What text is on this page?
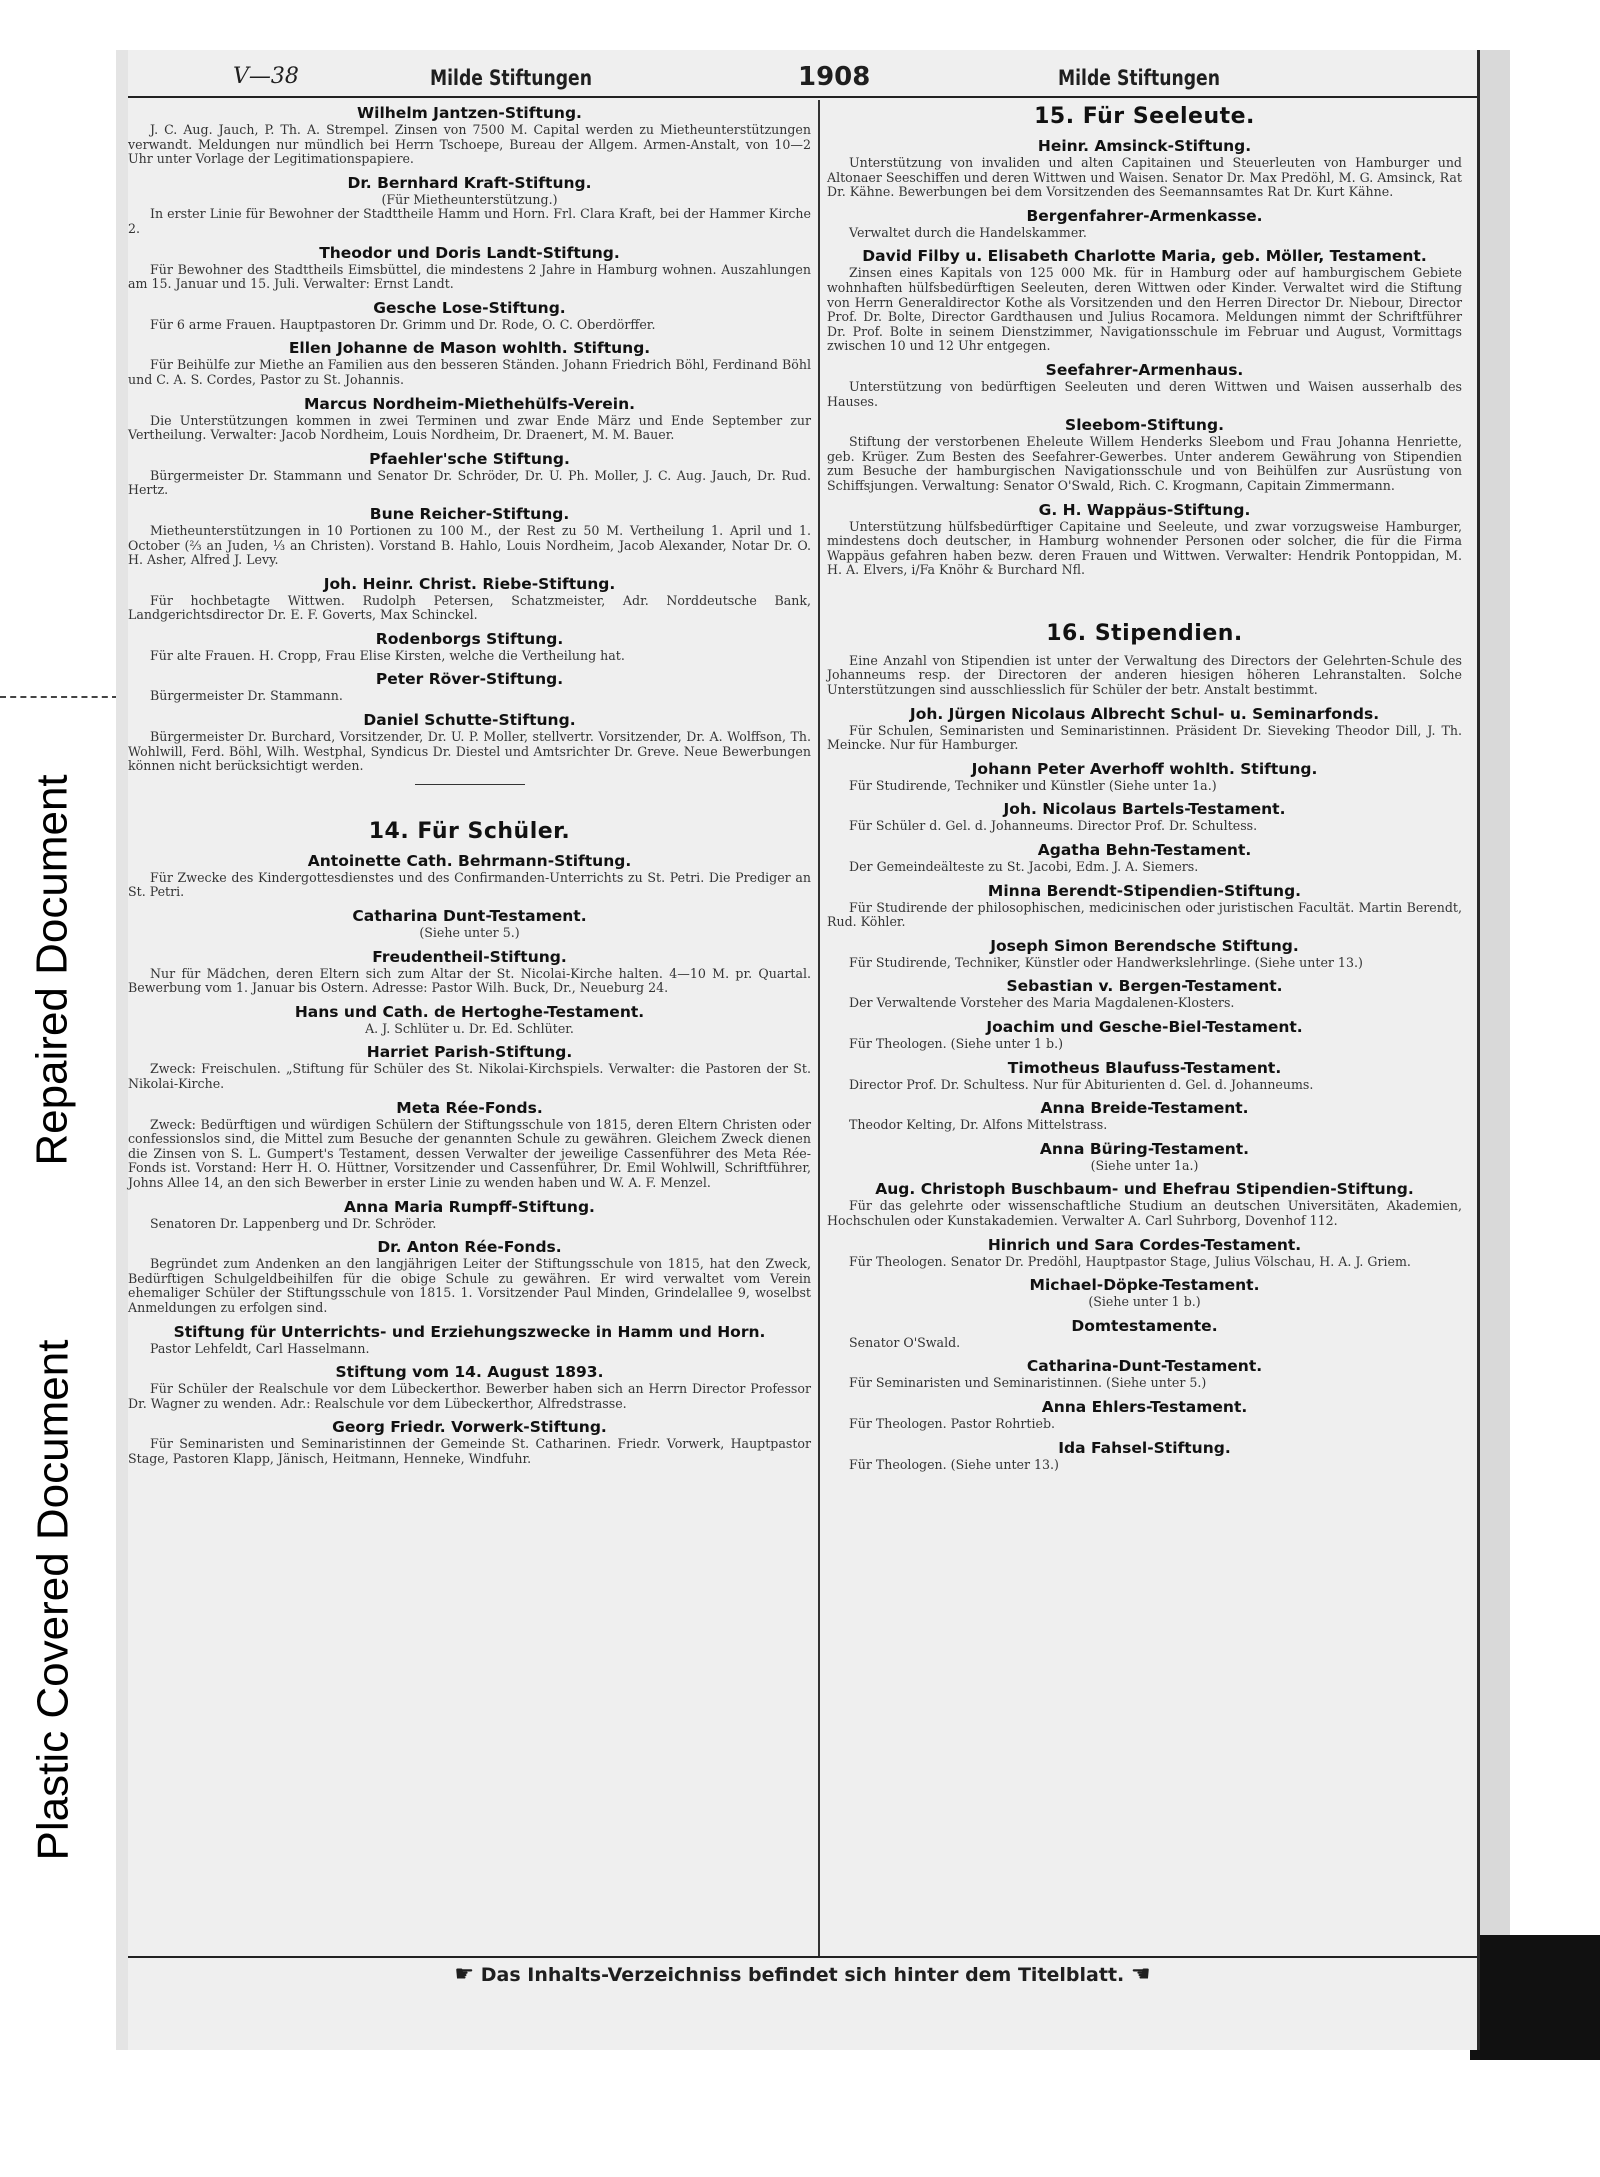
Repaired Document
Plastic Covered Document
V—38	Milde Stiftungen	1908	Milde Stiftungen
Wilhelm Jantzen-Stiftung.

J. C. Aug. Jauch, P. Th. A. Strempel. Zinsen von 7500 M. Capital werden zu Mietheunterstützungen verwandt. Meldungen nur mündlich bei Herrn Tschoepe, Bureau der Allgem. Armen-Anstalt, von 10—2 Uhr unter Vorlage der Legitimationspapiere.

Dr. Bernhard Kraft-Stiftung.

(Für Mietheunterstützung.)

In erster Linie für Bewohner der Stadttheile Hamm und Horn. Frl. Clara Kraft, bei der Hammer Kirche 2.

Theodor und Doris Landt-Stiftung.

Für Bewohner des Stadttheils Eimsbüttel, die mindestens 2 Jahre in Hamburg wohnen. Auszahlungen am 15. Januar und 15. Juli. Verwalter: Ernst Landt.

Gesche Lose-Stiftung.

Für 6 arme Frauen. Hauptpastoren Dr. Grimm und Dr. Rode, O. C. Oberdörffer.

Ellen Johanne de Mason wohlth. Stiftung.

Für Beihülfe zur Miethe an Familien aus den besseren Ständen. Johann Friedrich Böhl, Ferdinand Böhl und C. A. S. Cordes, Pastor zu St. Johannis.

Marcus Nordheim-Miethehülfs-Verein.

Die Unterstützungen kommen in zwei Terminen und zwar Ende März und Ende September zur Vertheilung. Verwalter: Jacob Nordheim, Louis Nordheim, Dr. Draenert, M. M. Bauer.

Pfaehler'sche Stiftung.

Bürgermeister Dr. Stammann und Senator Dr. Schröder, Dr. U. Ph. Moller, J. C. Aug. Jauch, Dr. Rud. Hertz.

Bune Reicher-Stiftung.

Mietheunterstützungen in 10 Portionen zu 100 M., der Rest zu 50 M. Vertheilung 1. April und 1. October (⅔ an Juden, ⅓ an Christen). Vorstand B. Hahlo, Louis Nordheim, Jacob Alexander, Notar Dr. O. H. Asher, Alfred J. Levy.

Joh. Heinr. Christ. Riebe-Stiftung.

Für hochbetagte Wittwen. Rudolph Petersen, Schatzmeister, Adr. Norddeutsche Bank, Landgerichtsdirector Dr. E. F. Goverts, Max Schinckel.

Rodenborgs Stiftung.

Für alte Frauen. H. Cropp, Frau Elise Kirsten, welche die Vertheilung hat.

Peter Röver-Stiftung.

Bürgermeister Dr. Stammann.

Daniel Schutte-Stiftung.

Bürgermeister Dr. Burchard, Vorsitzender, Dr. U. P. Moller, stellvertr. Vorsitzender, Dr. A. Wolffson, Th. Wohlwill, Ferd. Böhl, Wilh. Westphal, Syndicus Dr. Diestel und Amtsrichter Dr. Greve. Neue Bewerbungen können nicht berücksichtigt werden.

14. Für Schüler.
Antoinette Cath. Behrmann-Stiftung.

Für Zwecke des Kindergottesdienstes und des Confirmanden-Unterrichts zu St. Petri. Die Prediger an St. Petri.

Catharina Dunt-Testament.

(Siehe unter 5.)

Freudentheil-Stiftung.

Nur für Mädchen, deren Eltern sich zum Altar der St. Nicolai-Kirche halten. 4—10 M. pr. Quartal. Bewerbung vom 1. Januar bis Ostern. Adresse: Pastor Wilh. Buck, Dr., Neueburg 24.

Hans und Cath. de Hertoghe-Testament.

A. J. Schlüter u. Dr. Ed. Schlüter.

Harriet Parish-Stiftung.

Zweck: Freischulen. „Stiftung für Schüler des St. Nikolai-Kirchspiels. Verwalter: die Pastoren der St. Nikolai-Kirche.

Meta Rée-Fonds.

Zweck: Bedürftigen und würdigen Schülern der Stiftungsschule von 1815, deren Eltern Christen oder confessionslos sind, die Mittel zum Besuche der genannten Schule zu gewähren. Gleichem Zweck dienen die Zinsen von S. L. Gumpert's Testament, dessen Verwalter der jeweilige Cassenführer des Meta Rée-Fonds ist. Vorstand: Herr H. O. Hüttner, Vorsitzender und Cassenführer, Dr. Emil Wohlwill, Schriftführer, Johns Allee 14, an den sich Bewerber in erster Linie zu wenden haben und W. A. F. Menzel.

Anna Maria Rumpff-Stiftung.

Senatoren Dr. Lappenberg und Dr. Schröder.

Dr. Anton Rée-Fonds.

Begründet zum Andenken an den langjährigen Leiter der Stiftungsschule von 1815, hat den Zweck, Bedürftigen Schulgeldbeihilfen für die obige Schule zu gewähren. Er wird verwaltet vom Verein ehemaliger Schüler der Stiftungsschule von 1815. 1. Vorsitzender Paul Minden, Grindelallee 9, woselbst Anmeldungen zu erfolgen sind.

Stiftung für Unterrichts- und Erziehungszwecke in Hamm und Horn.

Pastor Lehfeldt, Carl Hasselmann.

Stiftung vom 14. August 1893.

Für Schüler der Realschule vor dem Lübeckerthor. Bewerber haben sich an Herrn Director Professor Dr. Wagner zu wenden. Adr.: Realschule vor dem Lübeckerthor, Alfredstrasse.

Georg Friedr. Vorwerk-Stiftung.

Für Seminaristen und Seminaristinnen der Gemeinde St. Catharinen. Friedr. Vorwerk, Hauptpastor Stage, Pastoren Klapp, Jänisch, Heitmann, Henneke, Windfuhr.

15. Für Seeleute.
Heinr. Amsinck-Stiftung.

Unterstützung von invaliden und alten Capitainen und Steuerleuten von Hamburger und Altonaer Seeschiffen und deren Wittwen und Waisen. Senator Dr. Max Predöhl, M. G. Amsinck, Rat Dr. Kähne. Bewerbungen bei dem Vorsitzenden des Seemannsamtes Rat Dr. Kurt Kähne.

Bergenfahrer-Armenkasse.

Verwaltet durch die Handelskammer.

David Filby u. Elisabeth Charlotte Maria, geb. Möller, Testament.

Zinsen eines Kapitals von 125 000 Mk. für in Hamburg oder auf hamburgischem Gebiete wohnhaften hülfsbedürftigen Seeleuten, deren Wittwen oder Kinder. Verwaltet wird die Stiftung von Herrn Generaldirector Kothe als Vorsitzenden und den Herren Director Dr. Niebour, Director Prof. Dr. Bolte, Director Gardthausen und Julius Rocamora. Meldungen nimmt der Schriftführer Dr. Prof. Bolte in seinem Dienstzimmer, Navigationsschule im Februar und August, Vormittags zwischen 10 und 12 Uhr entgegen.

Seefahrer-Armenhaus.

Unterstützung von bedürftigen Seeleuten und deren Wittwen und Waisen ausserhalb des Hauses.

Sleebom-Stiftung.

Stiftung der verstorbenen Eheleute Willem Henderks Sleebom und Frau Johanna Henriette, geb. Krüger. Zum Besten des Seefahrer-Gewerbes. Unter anderem Gewährung von Stipendien zum Besuche der hamburgischen Navigationsschule und von Beihülfen zur Ausrüstung von Schiffsjungen. Verwaltung: Senator O'Swald, Rich. C. Krogmann, Capitain Zimmermann.

G. H. Wappäus-Stiftung.

Unterstützung hülfsbedürftiger Capitaine und Seeleute, und zwar vorzugsweise Hamburger, mindestens doch deutscher, in Hamburg wohnender Personen oder solcher, die für die Firma Wappäus gefahren haben bezw. deren Frauen und Wittwen. Verwalter: Hendrik Pontoppidan, M. H. A. Elvers, i/Fa Knöhr & Burchard Nfl.

16. Stipendien.

Eine Anzahl von Stipendien ist unter der Verwaltung des Directors der Gelehrten-Schule des Johanneums resp. der Directoren der anderen hiesigen höheren Lehranstalten. Solche Unterstützungen sind ausschliesslich für Schüler der betr. Anstalt bestimmt.

Joh. Jürgen Nicolaus Albrecht Schul- u. Seminarfonds.

Für Schulen, Seminaristen und Seminaristinnen. Präsident Dr. Sieveking Theodor Dill, J. Th. Meincke. Nur für Hamburger.

Johann Peter Averhoff wohlth. Stiftung.

Für Studirende, Techniker und Künstler (Siehe unter 1a.)

Joh. Nicolaus Bartels-Testament.

Für Schüler d. Gel. d. Johanneums. Director Prof. Dr. Schultess.

Agatha Behn-Testament.

Der Gemeindeälteste zu St. Jacobi, Edm. J. A. Siemers.

Minna Berendt-Stipendien-Stiftung.

Für Studirende der philosophischen, medicinischen oder juristischen Facultät. Martin Berendt, Rud. Köhler.

Joseph Simon Berendsche Stiftung.

Für Studirende, Techniker, Künstler oder Handwerkslehrlinge. (Siehe unter 13.)

Sebastian v. Bergen-Testament.

Der Verwaltende Vorsteher des Maria Magdalenen-Klosters.

Joachim und Gesche-Biel-Testament.

Für Theologen. (Siehe unter 1 b.)

Timotheus Blaufuss-Testament.

Director Prof. Dr. Schultess. Nur für Abiturienten d. Gel. d. Johanneums.

Anna Breide-Testament.

Theodor Kelting, Dr. Alfons Mittelstrass.

Anna Büring-Testament.

(Siehe unter 1a.)

Aug. Christoph Buschbaum- und Ehefrau Stipendien-Stiftung.

Für das gelehrte oder wissenschaftliche Studium an deutschen Universitäten, Akademien, Hochschulen oder Kunstakademien. Verwalter A. Carl Suhrborg, Dovenhof 112.

Hinrich und Sara Cordes-Testament.

Für Theologen. Senator Dr. Predöhl, Hauptpastor Stage, Julius Völschau, H. A. J. Griem.

Michael-Döpke-Testament.

(Siehe unter 1 b.)

Domtestamente.

Senator O'Swald.

Catharina-Dunt-Testament.

Für Seminaristen und Seminaristinnen. (Siehe unter 5.)

Anna Ehlers-Testament.

Für Theologen. Pastor Rohrtieb.

Ida Fahsel-Stiftung.

Für Theologen. (Siehe unter 13.)

☛ Das Inhalts-Verzeichniss befindet sich hinter dem Titelblatt. ☚
